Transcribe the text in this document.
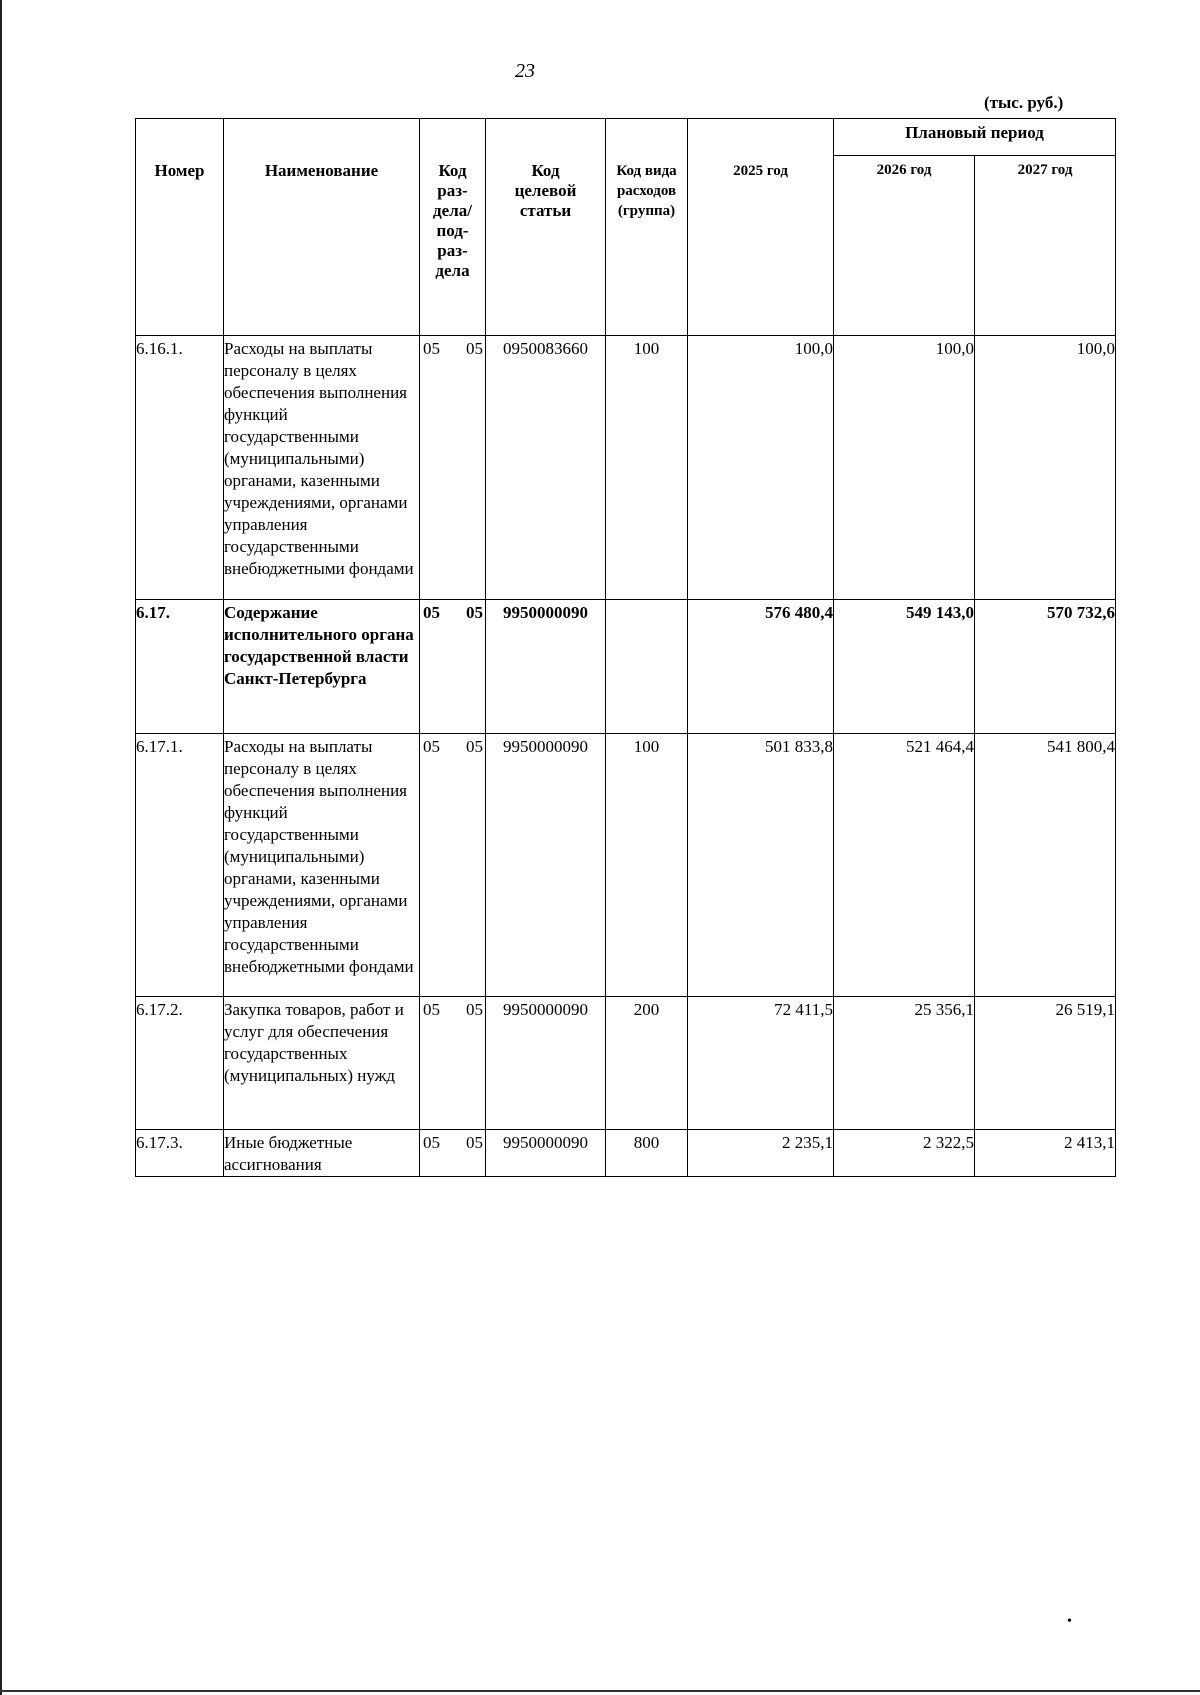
23
(тыс. руб.)
Номер	Наименование	Код раз-дела/ под-раз-дела	Код целевой статьи	Код вида расходов (группа)	2025 год	Плановый период	
						2026 год	2027 год
6.16.1.	Расходы на выплаты персоналу в целях обеспечения выполнения функций государственными (муниципальными) органами, казенными учреждениями, органами управления государственными внебюджетными фондами	05 05	0950083660	100	100,0	100,0	100,0
6.17.	Содержание исполнительного органа государственной власти Санкт-Петербурга	05 05	9950000090		576 480,4	549 143,0	570 732,6
6.17.1.	Расходы на выплаты персоналу в целях обеспечения выполнения функций государственными (муниципальными) органами, казенными учреждениями, органами управления государственными внебюджетными фондами	05 05	9950000090	100	501 833,8	521 464,4	541 800,4
6.17.2.	Закупка товаров, работ и услуг для обеспечения государственных (муниципальных) нужд	05 05	9950000090	200	72 411,5	25 356,1	26 519,1
6.17.3.	Иные бюджетные ассигнования	05 05	9950000090	800	2 235,1	2 322,5	2 413,1
•
